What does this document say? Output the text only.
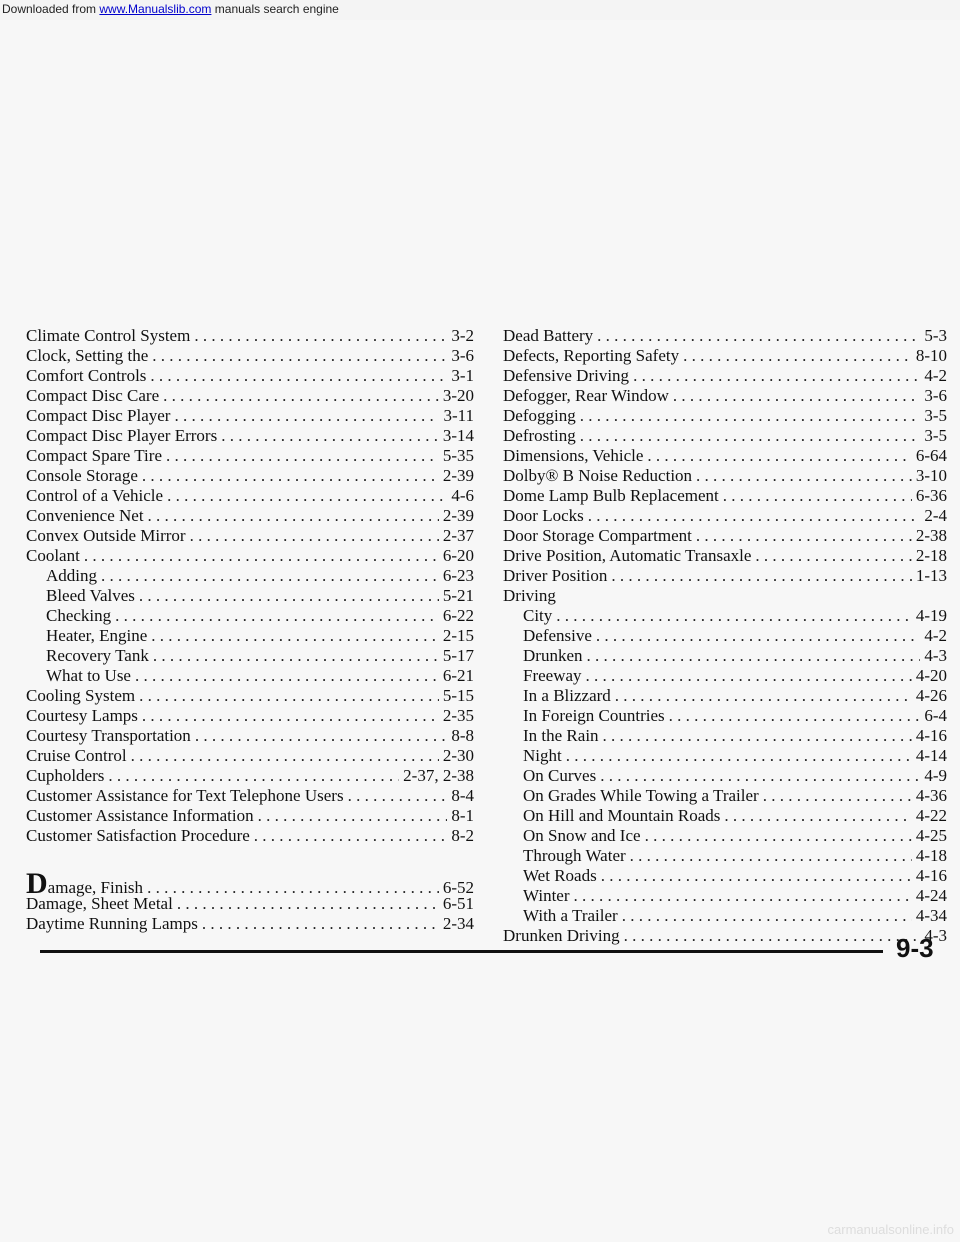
Downloaded from www.Manualslib.com manuals search engine
Climate Control System . . .	3-2
Clock, Setting the . . .	3-6
Comfort Controls . . .	3-1
Compact Disc Care . . .	3-20
Compact Disc Player . . .	3-11
Compact Disc Player Errors . . .	3-14
Compact Spare Tire . . .	5-35
Console Storage . . .	2-39
Control of a Vehicle . . .	4-6
Convenience Net . . .	2-39
Convex Outside Mirror . . .	2-37
Coolant . . .	6-20
Adding . . .	6-23
Bleed Valves . . .	5-21
Checking . . .	6-22
Heater, Engine . . .	2-15
Recovery Tank . . .	5-17
What to Use . . .	6-21
Cooling System . . .	5-15
Courtesy Lamps . . .	2-35
Courtesy Transportation . . .	8-8
Cruise Control . . .	2-30
Cupholders . . .	2-37, 2-38
Customer Assistance for Text Telephone Users . . .	8-4
Customer Assistance Information . . .	8-1
Customer Satisfaction Procedure . . .	8-2
Damage, Finish . . .	6-52
Damage, Sheet Metal . . .	6-51
Daytime Running Lamps . . .	2-34
Dead Battery . . .	5-3
Defects, Reporting Safety . . .	8-10
Defensive Driving . . .	4-2
Defogger, Rear Window . . .	3-6
Defogging . . .	3-5
Defrosting . . .	3-5
Dimensions, Vehicle . . .	6-64
Dolby® B Noise Reduction . . .	3-10
Dome Lamp Bulb Replacement . . .	6-36
Door Locks . . .	2-4
Door Storage Compartment . . .	2-38
Drive Position, Automatic Transaxle . . .	2-18
Driver Position . . .	1-13
Driving
City . . .	4-19
Defensive . . .	4-2
Drunken . . .	4-3
Freeway . . .	4-20
In a Blizzard . . .	4-26
In Foreign Countries . . .	6-4
In the Rain . . .	4-16
Night . . .	4-14
On Curves . . .	4-9
On Grades While Towing a Trailer . . .	4-36
On Hill and Mountain Roads . . .	4-22
On Snow and Ice . . .	4-25
Through Water . . .	4-18
Wet Roads . . .	4-16
Winter . . .	4-24
With a Trailer . . .	4-34
Drunken Driving . . .	4-3
9-3
carmanualsonline.info
